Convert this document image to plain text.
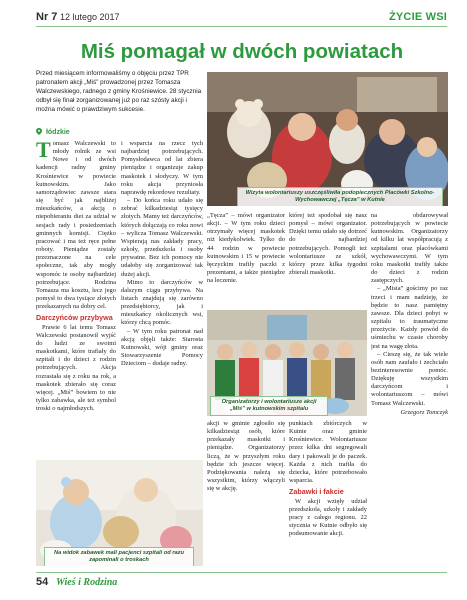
Nr 7 12 lutego 2017	ŻYCIE WSI
Miś pomagał w dwóch powiatach

Przed miesiącem informowaliśmy o objęciu przez TPR patronatem akcji „Miś” prowadzonej przez Tomasza Walczewskiego, radnego z gminy Krośniewice. 28 stycznia odbył się finał zorganizowanej już po raz szósty akcji i można mówić o prawdziwym sukcesie.

łódzkie
Wizyta wolontariuszy uszczęśliwiła podopiecznych Placówki Szkolno-Wychowawczej „Tęcza” w Kutnie

Tomasz Walczewski to młody rolnik ze wsi Nowe i od dwóch kadencji radny gminy Krośniewice w powiecie kutnowskim. Jako samorządowiec zawsze stara się być jak najbliżej mieszkańców, a akcją o niepobieraniu diet za udział w sesjach rady i posiedzeniach gminnych komisji. Ciężko pracować i ma też ręce pełne roboty. Pieniądze zostały przeznaczone na cele społeczne, tak aby mogły wspomóc te osoby najbardziej potrzebujące. Rodzina Tomasza ma kosztu, lecz jego pomysł to dwa tysiące złotych przekazanych na dobry cel.

Darczyńców przybywa

Prawie 6 lat temu Tomasz Walczewski postanowił wyjść do ludzi ze swoimi maskotkami, które trafiały do szpitali i do dzieci z rodzin potrzebujących. Akcja rozrastała się z roku na rok, a maskotek zbierało się coraz więcej. „Miś” bowiem to nie tylko zabawka, ale też symbol troski o najmłodszych.

i wsparcia na rzecz tych najbardziej potrzebujących. Pomysłodawca od lat zbiera pieniądze i organizuje zakup maskotek i słodyczy. W tym roku akcja przyniosła naprawdę rekordowe rezultaty.

– Do końca roku udało się zebrać kilkadziesiąt tysięcy złotych. Mamy też darczyńców, których dołączają co roku nowi – wylicza Tomasz Walczewski. Wspierają nas zakłady pracy, szkoły, przedszkola i osoby prywatne. Bez ich pomocy nie udałoby się zorganizować tak dużej akcji.

Mimo to darczyńców w dalszym ciągu przybywa. Na listach znajdują się zarówno przedsiębiorcy, jak i mieszkańcy okolicznych wsi, którzy chcą pomóc.

– W tym roku patronat nad akcją objęli także: Starosta Kutnowski, wójt gminy oraz Stowarzyszenie Pomocy Dzieciom – dodaje radny.

„Tęcza” – mówi organizator akcji. – W tym roku dzieci otrzymały więcej maskotek niż kiedykolwiek. Tylko do 44 rodzin w powiecie kutnowskim i 15 w powiecie łęczyckim trafiły paczki z prezentami, a także pieniądze na leczenie.

akcji w gminie zgłosiło się kilkadziesiąt osób, które przekazały maskotki i pieniądze. Organizatorzy liczą, że w przyszłym roku będzie ich jeszcze więcej. Podziękowania należą się wszystkim, którzy włączyli się w akcję.

której też spodobał się nasz pomysł – mówi organizator. Dzięki temu udało się dotrzeć do najbardziej potrzebujących. Pomogli też wolontariusze ze szkół, którzy przez kilka tygodni zbierali maskotki.

punktach zbiórczych w Kutnie oraz gminie Krośniewice. Wolontariusze przez kilka dni segregowali dary i pakowali je do paczek. Każda z nich trafiła do dziecka, które potrzebowało wsparcia.

Zabawki i fakcie

W akcji wzięły udział przedszkola, szkoły i zakłady pracy z całego regionu. 22 stycznia w Kutnie odbyło się podsumowanie akcji.

Organizatorzy i wolontariusze akcji „Miś” w kutnowskim szpitalu

na obdarowywał potrzebujących w powiecie kutnowskim. Organizatorzy od kilku lat współpracują z szpitalami oraz placówkami wychowawczymi. W tym roku maskotki trafiły także do dzieci z rodzin zastępczych.

– „Misia” gościmy po raz trzeci i mam nadzieję, że będzie to nasz pamiętny zawsze. Dla dzieci pobyt w szpitalu to traumatyczne przeżycie. Każdy powód do uśmiechu w czasie choroby jest na wagę złota.

– Cieszę się, że tak wiele osób nam zaufało i zechciało bezinteresownie pomóc. Dziękuję wszystkim darczyńcom i wolontariuszom – mówi Tomasz Walczewski.

Grzegorz Tomczyk
Na widok zabawek mali pacjenci szpitali od razu zapominali o troskach
54 Wieś i Rodzina
